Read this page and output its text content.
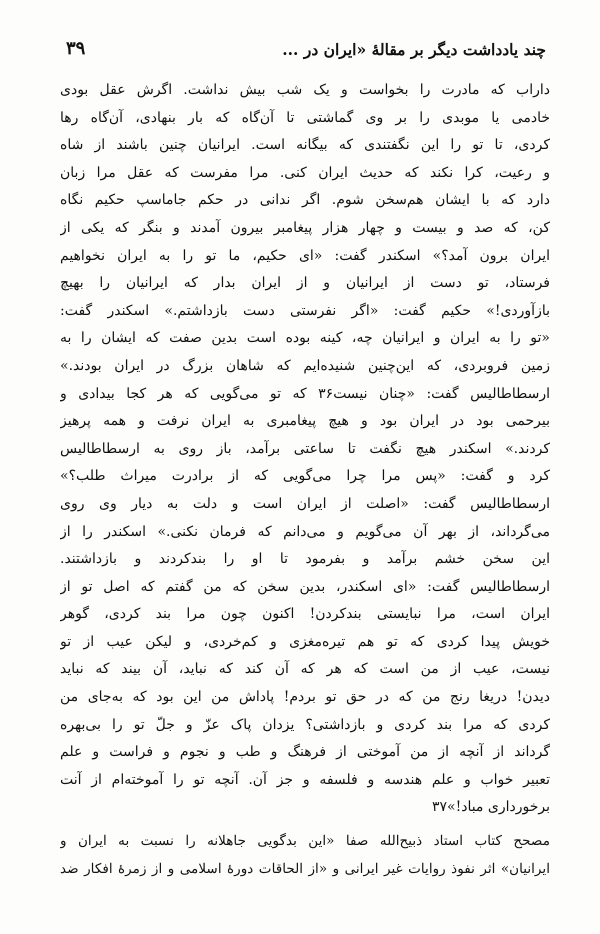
چند یادداشت دیگر بر مقالهٔ «ایران در ...
۳۹
داراب که مادرت را بخواست و یک شب بیش نداشت. اگرش عقل بودی
خادمی یا موبدی را بر وی گماشتی تا آن‌گاه که بار بنهادی، آن‌گاه رها
کردی، تا تو را این نگفتندی که بیگانه است. ایرانیان چنین باشند از شاه
و رعیت، کرا نکند که حدیث ایران کنی. مرا مفرست که عقل مرا زبان
دارد که با ایشان هم‌سخن شوم. اگر ندانی در حکم جاماسپ حکیم نگاه
کن، که صد و بیست و چهار هزار پیغامبر بیرون آمدند و بنگر که یکی از
ایران برون آمد؟» اسکندر گفت: «ای حکیم، ما تو را به ایران نخواهیم
فرستاد، تو دست از ایرانیان و از ایران بدار که ایرانیان را بهیچ
بازآوردی!» حکیم گفت: «اگر نفرستی دست بازداشتم.» اسکندر گفت:
«تو را به ایران و ایرانیان چه، کینه بوده است بدین صفت که ایشان را به
زمین فروبردی، که این‌چنین شنیده‌ایم که شاهان بزرگ در ایران بودند.»
ارسطاطالیس گفت: «چنان نیست۳۶ که تو می‌گویی که هر کجا بیدادی و
بیرحمی بود در ایران بود و هیچ پیغامبری به ایران نرفت و همه پرهیز
کردند.» اسکندر هیچ نگفت تا ساعتی برآمد، باز روی به ارسطاطالیس
کرد و گفت: «پس مرا چرا می‌گویی که از برادرت میراث طلب؟»
ارسطاطالیس گفت: «اصلت از ایران است و دلت به دیار وی روی
می‌گرداند، از بهر آن می‌گویم و می‌دانم که فرمان نکنی.» اسکندر را از
این سخن خشم برآمد و بفرمود تا او را بندکردند و بازداشتند.
ارسطاطالیس گفت: «ای اسکندر، بدین سخن که من گفتم که اصل تو از
ایران است، مرا نبایستی بندکردن! اکنون چون مرا بند کردی، گوهر
خویش پیدا کردی که تو هم تیره‌مغزی و کم‌خردی، و لیکن عیب از تو
نیست، عیب از من است که هر که آن کند که نباید، آن بیند که نباید
دیدن! دریغا رنج من که در حق تو بردم! پاداش من این بود که به‌جای من
کردی که مرا بند کردی و بازداشتی؟ یزدان پاک عزّ و جلّ تو را بی‌بهره
گرداند از آنچه از من آموختی از فرهنگ و طب و نجوم و فراست و علم
تعبیر خواب و علم هندسه و فلسفه و جز آن. آنچه تو را آموخته‌ام از آنت
برخورداری مباد!»۳۷
مصحح کتاب استاد ذبیح‌الله صفا «این بدگویی جاهلانه را نسبت به ایران و
ایرانیان» اثر نفوذ روایات غیر ایرانی و «از الحاقات دورهٔ اسلامی و از زمرهٔ افکار ضد
